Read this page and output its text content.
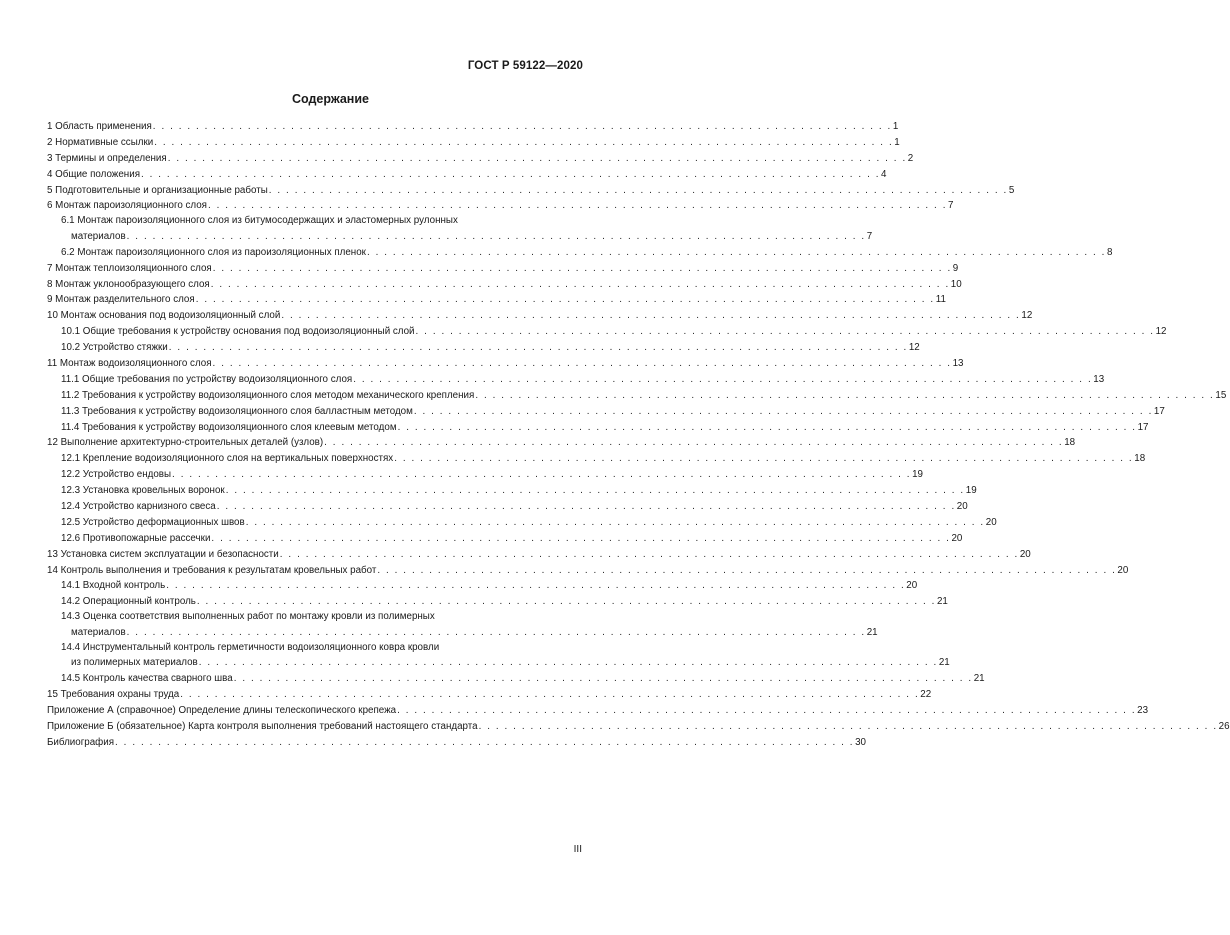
ГОСТ Р 59122—2020
Содержание
1 Область применения . . . . . . . . . . . . . . . . . . . . . . . . . . . . . . . . . . . . . . . . . . . . . . . . . . . . . . . . . . . . . . . . . . . . . . . . . . . . . . . . . . . . . . 1
2 Нормативные ссылки . . . . . . . . . . . . . . . . . . . . . . . . . . . . . . . . . . . . . . . . . . . . . . . . . . . . . . . . . . . . . . . . . . . . . . . . . . . . . . . . . . . . . . 1
3 Термины и определения . . . . . . . . . . . . . . . . . . . . . . . . . . . . . . . . . . . . . . . . . . . . . . . . . . . . . . . . . . . . . . . . . . . . . . . . . . . . . . . . . . . . . . 2
4 Общие положения . . . . . . . . . . . . . . . . . . . . . . . . . . . . . . . . . . . . . . . . . . . . . . . . . . . . . . . . . . . . . . . . . . . . . . . . . . . . . . . . . . . . . . 4
5 Подготовительные и организационные работы . . . . . . . . . . . . . . . . . . . . . . . . . . . . . . . . . . . . . . . . . . . . . . . . . . . . . . . . . . . . . . . . . . . . . . . . . . . . . . . . . . . . . . 5
6 Монтаж пароизоляционного слоя . . . . . . . . . . . . . . . . . . . . . . . . . . . . . . . . . . . . . . . . . . . . . . . . . . . . . . . . . . . . . . . . . . . . . . . . . . . . . . . . . . . . . . 7
6.1 Монтаж пароизоляционного слоя из битумосодержащих и эластомерных рулонных
материалов . . . . . . . . . . . . . . . . . . . . . . . . . . . . . . . . . . . . . . . . . . . . . . . . . . . . . . . . . . . . . . . . . . . . . . . . . . . . . . . . . . . . . . 7
6.2 Монтаж пароизоляционного слоя из пароизоляционных пленок . . . . . . . . . . . . . . . . . . . . . . . . . . . . . . . . . . . . . . . . . . . . . . . . . . . . . . . . . . . . . . . . . . . . . . . . . . . . . . . . . . . . . . 8
7 Монтаж теплоизоляционного слоя . . . . . . . . . . . . . . . . . . . . . . . . . . . . . . . . . . . . . . . . . . . . . . . . . . . . . . . . . . . . . . . . . . . . . . . . . . . . . . . . . . . . . . 9
8 Монтаж уклонообразующего слоя . . . . . . . . . . . . . . . . . . . . . . . . . . . . . . . . . . . . . . . . . . . . . . . . . . . . . . . . . . . . . . . . . . . . . . . . . . . . . . . . . . . . . . 10
9 Монтаж разделительного слоя . . . . . . . . . . . . . . . . . . . . . . . . . . . . . . . . . . . . . . . . . . . . . . . . . . . . . . . . . . . . . . . . . . . . . . . . . . . . . . . . . . . . . . 11
10 Монтаж основания под водоизоляционный слой . . . . . . . . . . . . . . . . . . . . . . . . . . . . . . . . . . . . . . . . . . . . . . . . . . . . . . . . . . . . . . . . . . . . . . . . . . . . . . . . . . . . . . 12
10.1 Общие требования к устройству основания под водоизоляционный слой . . . . . . . . . . . . . . . . . . . . . . . . . . . . . . . . . . . . . . . . . . . . . . . . . . . . . . . . . . . . . . . . . . . . . . . . . . . . . . . . . . . . . . 12
10.2 Устройство стяжки . . . . . . . . . . . . . . . . . . . . . . . . . . . . . . . . . . . . . . . . . . . . . . . . . . . . . . . . . . . . . . . . . . . . . . . . . . . . . . . . . . . . . . 12
11 Монтаж водоизоляционного слоя . . . . . . . . . . . . . . . . . . . . . . . . . . . . . . . . . . . . . . . . . . . . . . . . . . . . . . . . . . . . . . . . . . . . . . . . . . . . . . . . . . . . . . 13
11.1 Общие требования по устройству водоизоляционного слоя . . . . . . . . . . . . . . . . . . . . . . . . . . . . . . . . . . . . . . . . . . . . . . . . . . . . . . . . . . . . . . . . . . . . . . . . . . . . . . . . . . . . . . 13
11.2 Требования к устройству водоизоляционного слоя методом механического крепления . . . . . . . . . . . . . . . . . . . . . . . . . . . . . . . . . . . . . . . . . . . . . . . . . . . . . . . . . . . . . . . . . . . . . . . . . . . . . . . . . . . . . . 15
11.3 Требования к устройству водоизоляционного слоя балластным методом . . . . . . . . . . . . . . . . . . . . . . . . . . . . . . . . . . . . . . . . . . . . . . . . . . . . . . . . . . . . . . . . . . . . . . . . . . . . . . . . . . . . . . 17
11.4 Требования к устройству водоизоляционного слоя клеевым методом . . . . . . . . . . . . . . . . . . . . . . . . . . . . . . . . . . . . . . . . . . . . . . . . . . . . . . . . . . . . . . . . . . . . . . . . . . . . . . . . . . . . . . 17
12 Выполнение архитектурно-строительных деталей (узлов) . . . . . . . . . . . . . . . . . . . . . . . . . . . . . . . . . . . . . . . . . . . . . . . . . . . . . . . . . . . . . . . . . . . . . . . . . . . . . . . . . . . . . . 18
12.1 Крепление водоизоляционного слоя на вертикальных поверхностях . . . . . . . . . . . . . . . . . . . . . . . . . . . . . . . . . . . . . . . . . . . . . . . . . . . . . . . . . . . . . . . . . . . . . . . . . . . . . . . . . . . . . . 18
12.2 Устройство ендовы . . . . . . . . . . . . . . . . . . . . . . . . . . . . . . . . . . . . . . . . . . . . . . . . . . . . . . . . . . . . . . . . . . . . . . . . . . . . . . . . . . . . . . 19
12.3 Установка кровельных воронок . . . . . . . . . . . . . . . . . . . . . . . . . . . . . . . . . . . . . . . . . . . . . . . . . . . . . . . . . . . . . . . . . . . . . . . . . . . . . . . . . . . . . . 19
12.4 Устройство карнизного свеса . . . . . . . . . . . . . . . . . . . . . . . . . . . . . . . . . . . . . . . . . . . . . . . . . . . . . . . . . . . . . . . . . . . . . . . . . . . . . . . . . . . . . . 20
12.5 Устройство деформационных швов . . . . . . . . . . . . . . . . . . . . . . . . . . . . . . . . . . . . . . . . . . . . . . . . . . . . . . . . . . . . . . . . . . . . . . . . . . . . . . . . . . . . . . 20
12.6 Противопожарные рассечки . . . . . . . . . . . . . . . . . . . . . . . . . . . . . . . . . . . . . . . . . . . . . . . . . . . . . . . . . . . . . . . . . . . . . . . . . . . . . . . . . . . . . . 20
13 Установка систем эксплуатации и безопасности . . . . . . . . . . . . . . . . . . . . . . . . . . . . . . . . . . . . . . . . . . . . . . . . . . . . . . . . . . . . . . . . . . . . . . . . . . . . . . . . . . . . . . 20
14 Контроль выполнения и требования к результатам кровельных работ . . . . . . . . . . . . . . . . . . . . . . . . . . . . . . . . . . . . . . . . . . . . . . . . . . . . . . . . . . . . . . . . . . . . . . . . . . . . . . . . . . . . . . 20
14.1 Входной контроль . . . . . . . . . . . . . . . . . . . . . . . . . . . . . . . . . . . . . . . . . . . . . . . . . . . . . . . . . . . . . . . . . . . . . . . . . . . . . . . . . . . . . . 20
14.2 Операционный контроль . . . . . . . . . . . . . . . . . . . . . . . . . . . . . . . . . . . . . . . . . . . . . . . . . . . . . . . . . . . . . . . . . . . . . . . . . . . . . . . . . . . . . . 21
14.3 Оценка соответствия выполненных работ по монтажу кровли из полимерных
материалов . . . . . . . . . . . . . . . . . . . . . . . . . . . . . . . . . . . . . . . . . . . . . . . . . . . . . . . . . . . . . . . . . . . . . . . . . . . . . . . . . . . . . . 21
14.4 Инструментальный контроль герметичности водоизоляционного ковра кровли
из полимерных материалов . . . . . . . . . . . . . . . . . . . . . . . . . . . . . . . . . . . . . . . . . . . . . . . . . . . . . . . . . . . . . . . . . . . . . . . . . . . . . . . . . . . . . . 21
14.5 Контроль качества сварного шва . . . . . . . . . . . . . . . . . . . . . . . . . . . . . . . . . . . . . . . . . . . . . . . . . . . . . . . . . . . . . . . . . . . . . . . . . . . . . . . . . . . . . . 21
15 Требования охраны труда . . . . . . . . . . . . . . . . . . . . . . . . . . . . . . . . . . . . . . . . . . . . . . . . . . . . . . . . . . . . . . . . . . . . . . . . . . . . . . . . . . . . . . 22
Приложение А (справочное) Определение длины телескопического крепежа . . . . . . . . . . . . . . . . . . . . . . . . . . . . . . . . . . . . . . . . . . . . . . . . . . . . . . . . . . . . . . . . . . . . . . . . . . . . . . . . . . . . . . 23
Приложение Б (обязательное) Карта контроля выполнения требований настоящего стандарта . . . . . . . . . . . . . . . . . . . . . . . . . . . . . . . . . . . . . . . . . . . . . . . . . . . . . . . . . . . . . . . . . . . . . . . . . . . . . . . . . . . . . . 26
Библиография . . . . . . . . . . . . . . . . . . . . . . . . . . . . . . . . . . . . . . . . . . . . . . . . . . . . . . . . . . . . . . . . . . . . . . . . . . . . . . . . . . . . . . 30
III
